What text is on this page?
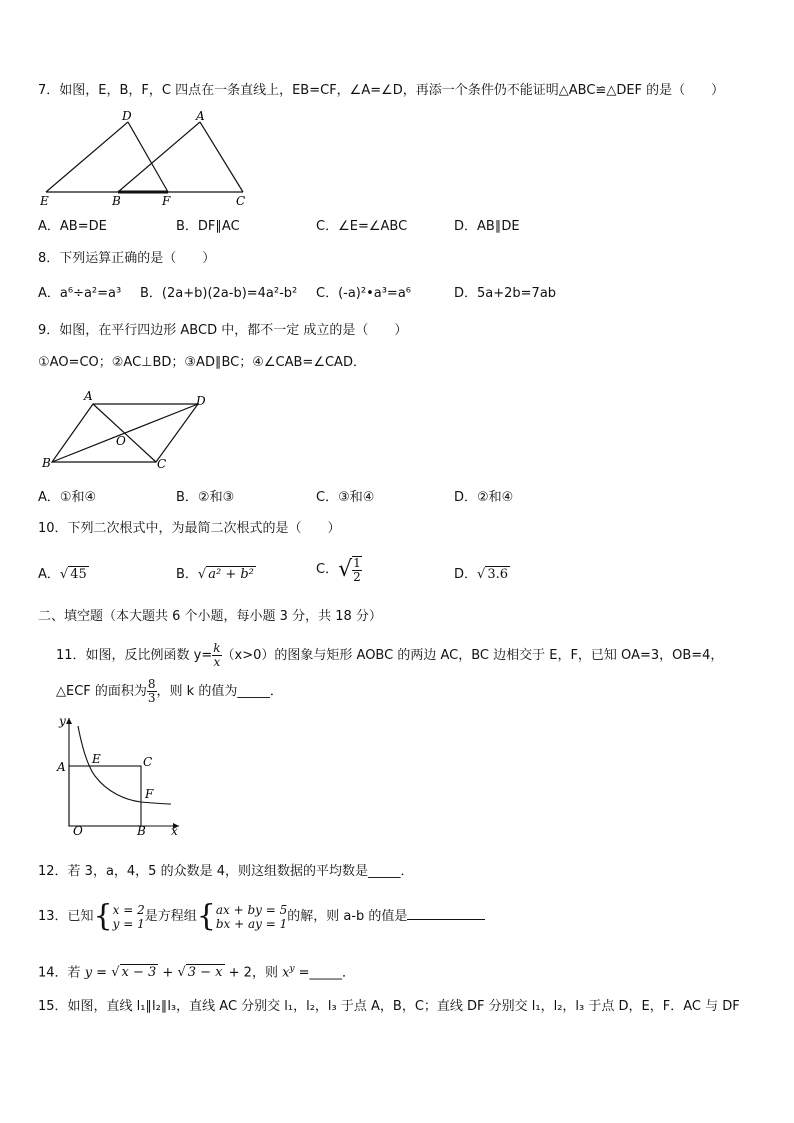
7．如图，E，B，F，C 四点在一条直线上，EB=CF，∠A=∠D，再添一个条件仍不能证明△ABC≌△DEF 的是（　　）
D	A
E	B	F	C
A．AB=DE	B．DF∥AC	C．∠E=∠ABC	D．AB∥DE
8．下列运算正确的是（　　）
A．a⁶÷a²=a³ B．(2a+b)(2a-b)=4a²-b² C．(-a)²•a³=a⁶	D．5a+2b=7ab
9．如图，在平行四边形 ABCD 中，都不一定 成立的是（　　）
①AO=CO；②AC⊥BD；③AD∥BC；④∠CAB=∠CAD．
A	D
O
B	C
A．①和④	B．②和③	C．③和④	D．②和④
10．下列二次根式中，为最简二次根式的是（　　）
A．√ 45	B．√ a² + b²	C．√ $\frac{1}{2}$	D．√ 3.6
二、填空题（本大题共 6 个小题，每小题 3 分，共 18 分）
11．如图，反比例函数 $y= \frac{k}{x} (x>0)$的图象与矩形 AOBC 的两边 AC，BC 边相交于 E，F，已知 OA=3，OB=4，
△ECF 的面积为 $\frac{8}{3}$ ，则 k 的值为_____．
y
x
A
E	C
F
O	B
12．若 3，a，4，5 的众数是 4，则这组数据的平均数是_____．
13．已知{ x = 2
y = 1 是方程组{ ax + by = 5
bx + ay = 1 的解，则 a-b 的值是
14．若 y = √ x − 3 + √ 3 − x + 2，则 $x^y$ =_____．
15．如图，直线 l₁∥l₂∥l₃，直线 AC 分别交 l₁，l₂，l₃ 于点 A，B，C；直线 DF 分别交 l₁，l₂，l₃ 于点 D，E，F．AC 与 DF
